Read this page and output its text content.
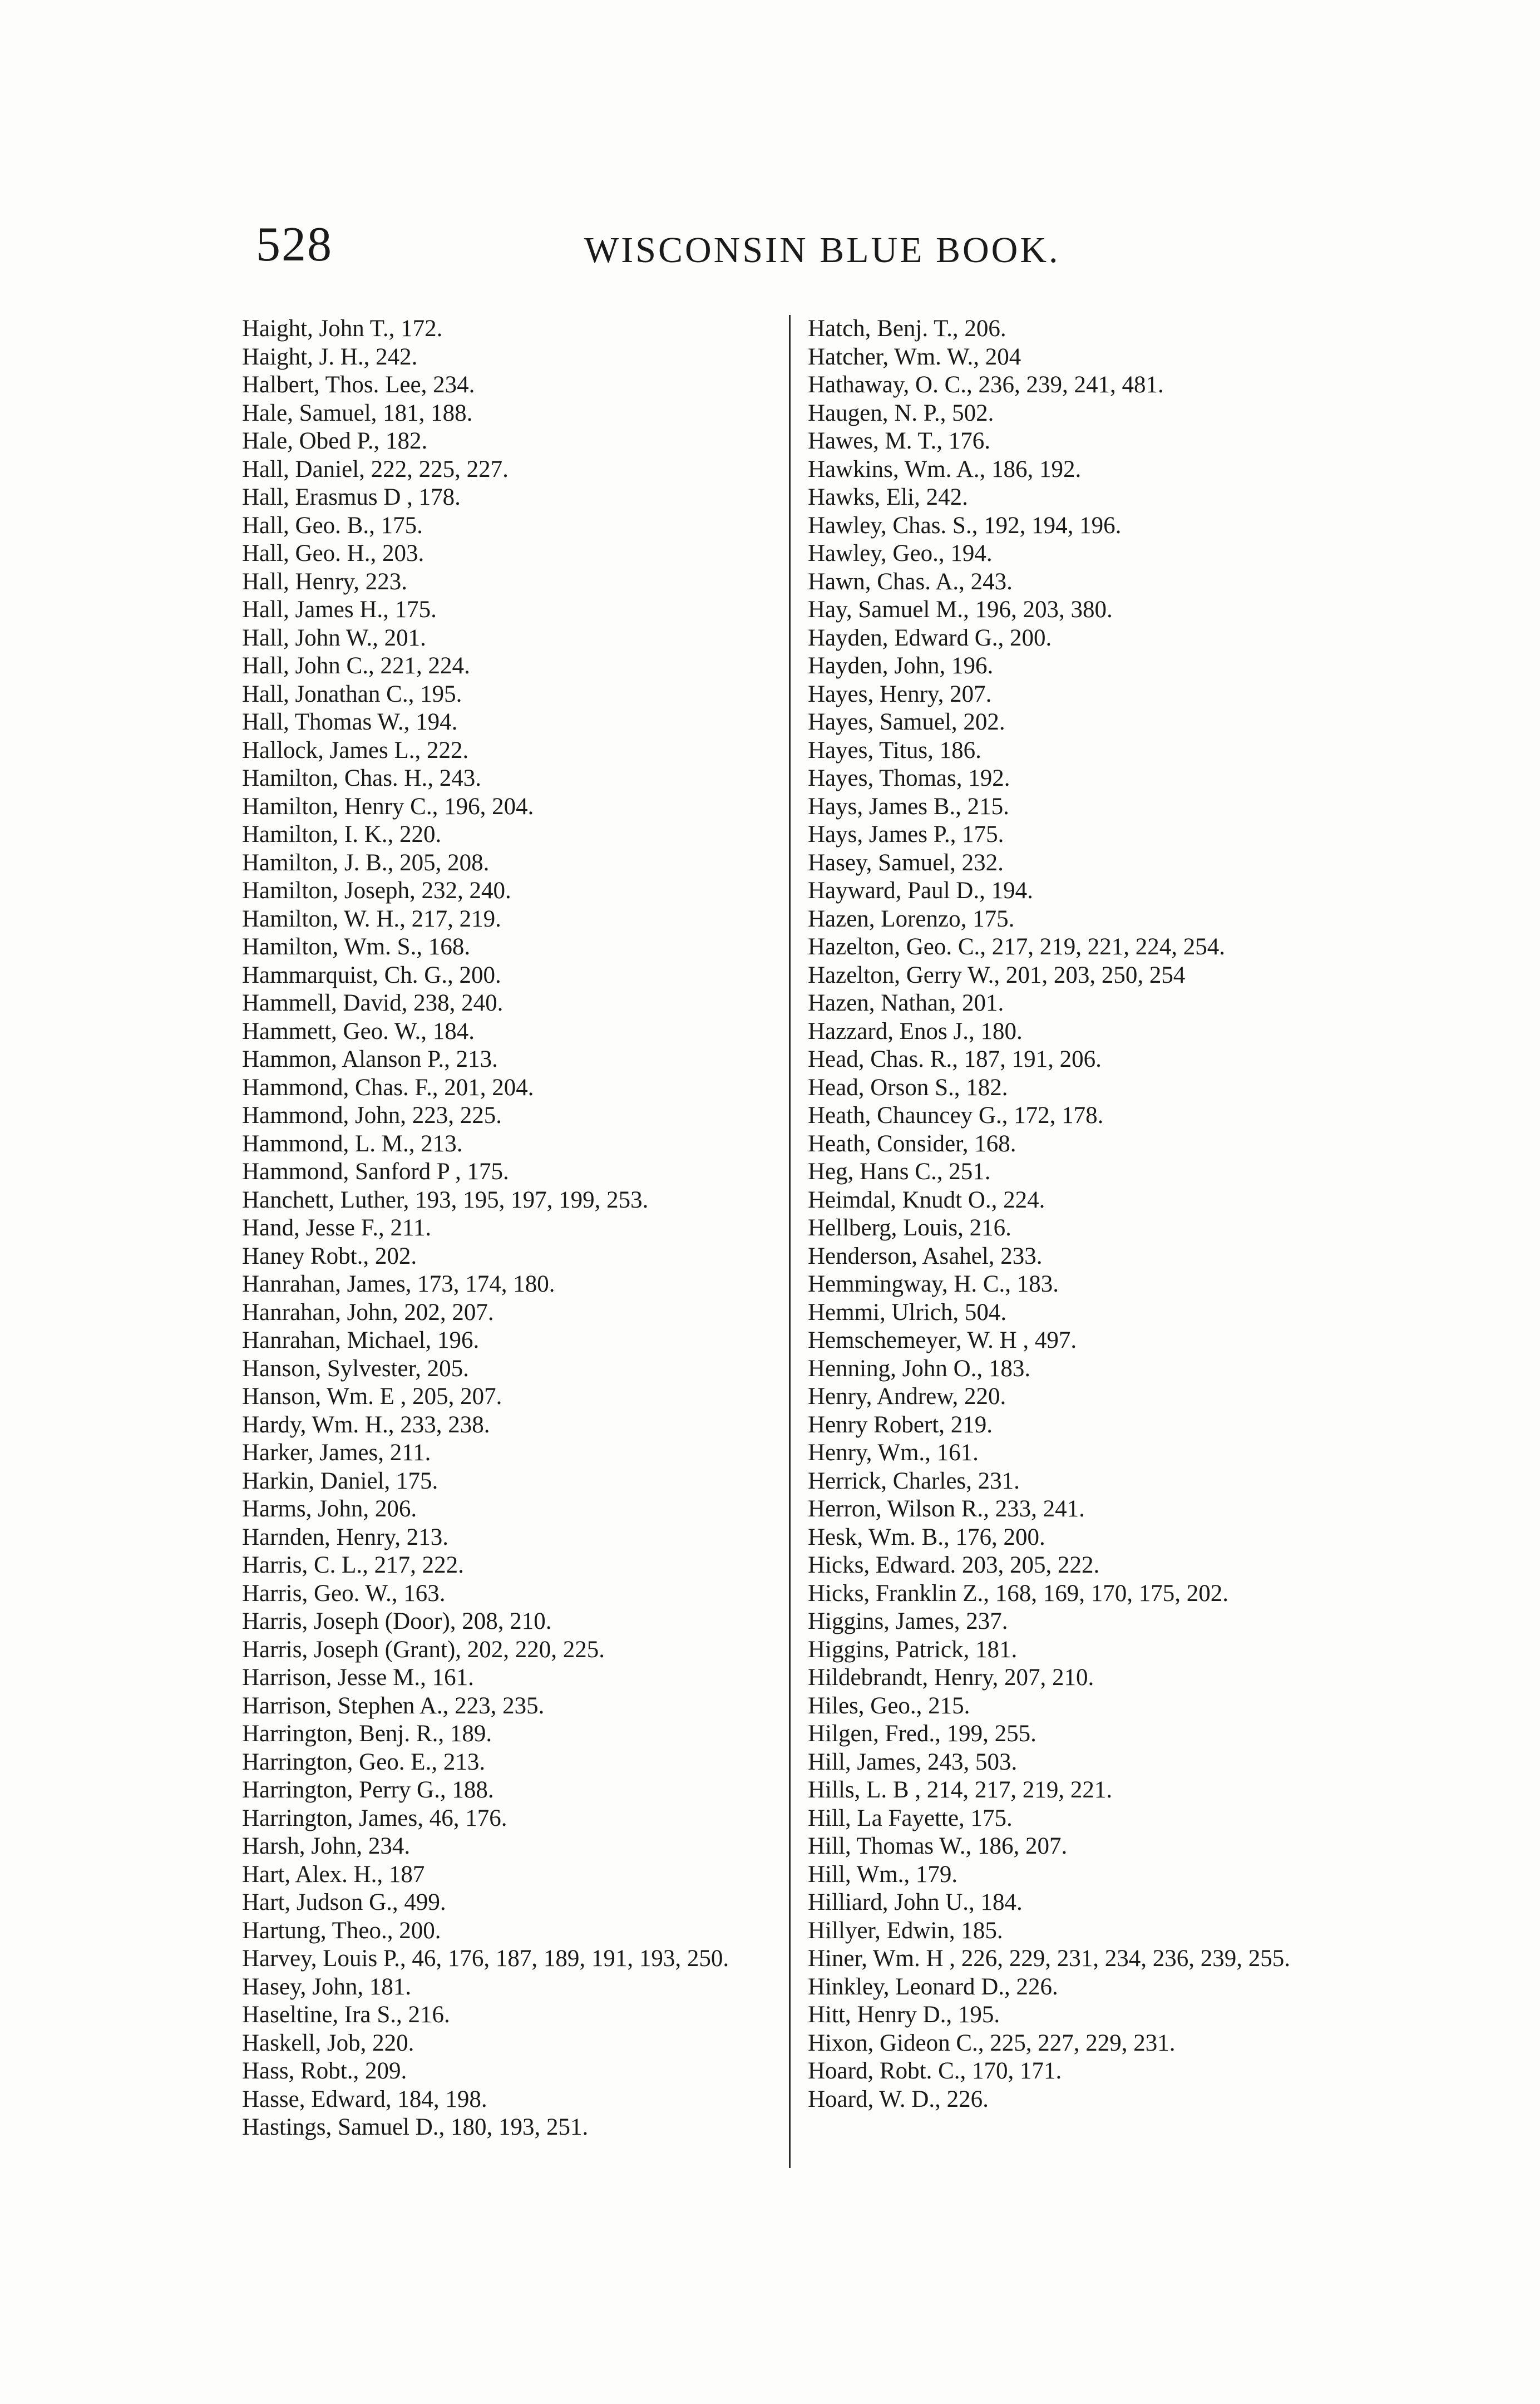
528	WISCONSIN BLUE BOOK.
Haight, John T., 172.
Haight, J. H., 242.
Halbert, Thos. Lee, 234.
Hale, Samuel, 181, 188.
Hale, Obed P., 182.
Hall, Daniel, 222, 225, 227.
Hall, Erasmus D , 178.
Hall, Geo. B., 175.
Hall, Geo. H., 203.
Hall, Henry, 223.
Hall, James H., 175.
Hall, John W., 201.
Hall, John C., 221, 224.
Hall, Jonathan C., 195.
Hall, Thomas W., 194.
Hallock, James L., 222.
Hamilton, Chas. H., 243.
Hamilton, Henry C., 196, 204.
Hamilton, I. K., 220.
Hamilton, J. B., 205, 208.
Hamilton, Joseph, 232, 240.
Hamilton, W. H., 217, 219.
Hamilton, Wm. S., 168.
Hammarquist, Ch. G., 200.
Hammell, David, 238, 240.
Hammett, Geo. W., 184.
Hammon, Alanson P., 213.
Hammond, Chas. F., 201, 204.
Hammond, John, 223, 225.
Hammond, L. M., 213.
Hammond, Sanford P , 175.
Hanchett, Luther, 193, 195, 197, 199, 253.
Hand, Jesse F., 211.
Haney Robt., 202.
Hanrahan, James, 173, 174, 180.
Hanrahan, John, 202, 207.
Hanrahan, Michael, 196.
Hanson, Sylvester, 205.
Hanson, Wm. E , 205, 207.
Hardy, Wm. H., 233, 238.
Harker, James, 211.
Harkin, Daniel, 175.
Harms, John, 206.
Harnden, Henry, 213.
Harris, C. L., 217, 222.
Harris, Geo. W., 163.
Harris, Joseph (Door), 208, 210.
Harris, Joseph (Grant), 202, 220, 225.
Harrison, Jesse M., 161.
Harrison, Stephen A., 223, 235.
Harrington, Benj. R., 189.
Harrington, Geo. E., 213.
Harrington, Perry G., 188.
Harrington, James, 46, 176.
Harsh, John, 234.
Hart, Alex. H., 187
Hart, Judson G., 499.
Hartung, Theo., 200.
Harvey, Louis P., 46, 176, 187, 189, 191, 193, 250.
Hasey, John, 181.
Haseltine, Ira S., 216.
Haskell, Job, 220.
Hass, Robt., 209.
Hasse, Edward, 184, 198.
Hastings, Samuel D., 180, 193, 251.
Hatch, Benj. T., 206.
Hatcher, Wm. W., 204
Hathaway, O. C., 236, 239, 241, 481.
Haugen, N. P., 502.
Hawes, M. T., 176.
Hawkins, Wm. A., 186, 192.
Hawks, Eli, 242.
Hawley, Chas. S., 192, 194, 196.
Hawley, Geo., 194.
Hawn, Chas. A., 243.
Hay, Samuel M., 196, 203, 380.
Hayden, Edward G., 200.
Hayden, John, 196.
Hayes, Henry, 207.
Hayes, Samuel, 202.
Hayes, Titus, 186.
Hayes, Thomas, 192.
Hays, James B., 215.
Hays, James P., 175.
Hasey, Samuel, 232.
Hayward, Paul D., 194.
Hazen, Lorenzo, 175.
Hazelton, Geo. C., 217, 219, 221, 224, 254.
Hazelton, Gerry W., 201, 203, 250, 254
Hazen, Nathan, 201.
Hazzard, Enos J., 180.
Head, Chas. R., 187, 191, 206.
Head, Orson S., 182.
Heath, Chauncey G., 172, 178.
Heath, Consider, 168.
Heg, Hans C., 251.
Heimdal, Knudt O., 224.
Hellberg, Louis, 216.
Henderson, Asahel, 233.
Hemmingway, H. C., 183.
Hemmi, Ulrich, 504.
Hemschemeyer, W. H , 497.
Henning, John O., 183.
Henry, Andrew, 220.
Henry Robert, 219.
Henry, Wm., 161.
Herrick, Charles, 231.
Herron, Wilson R., 233, 241.
Hesk, Wm. B., 176, 200.
Hicks, Edward. 203, 205, 222.
Hicks, Franklin Z., 168, 169, 170, 175, 202.
Higgins, James, 237.
Higgins, Patrick, 181.
Hildebrandt, Henry, 207, 210.
Hiles, Geo., 215.
Hilgen, Fred., 199, 255.
Hill, James, 243, 503.
Hills, L. B , 214, 217, 219, 221.
Hill, La Fayette, 175.
Hill, Thomas W., 186, 207.
Hill, Wm., 179.
Hilliard, John U., 184.
Hillyer, Edwin, 185.
Hiner, Wm. H , 226, 229, 231, 234, 236, 239, 255.
Hinkley, Leonard D., 226.
Hitt, Henry D., 195.
Hixon, Gideon C., 225, 227, 229, 231.
Hoard, Robt. C., 170, 171.
Hoard, W. D., 226.
